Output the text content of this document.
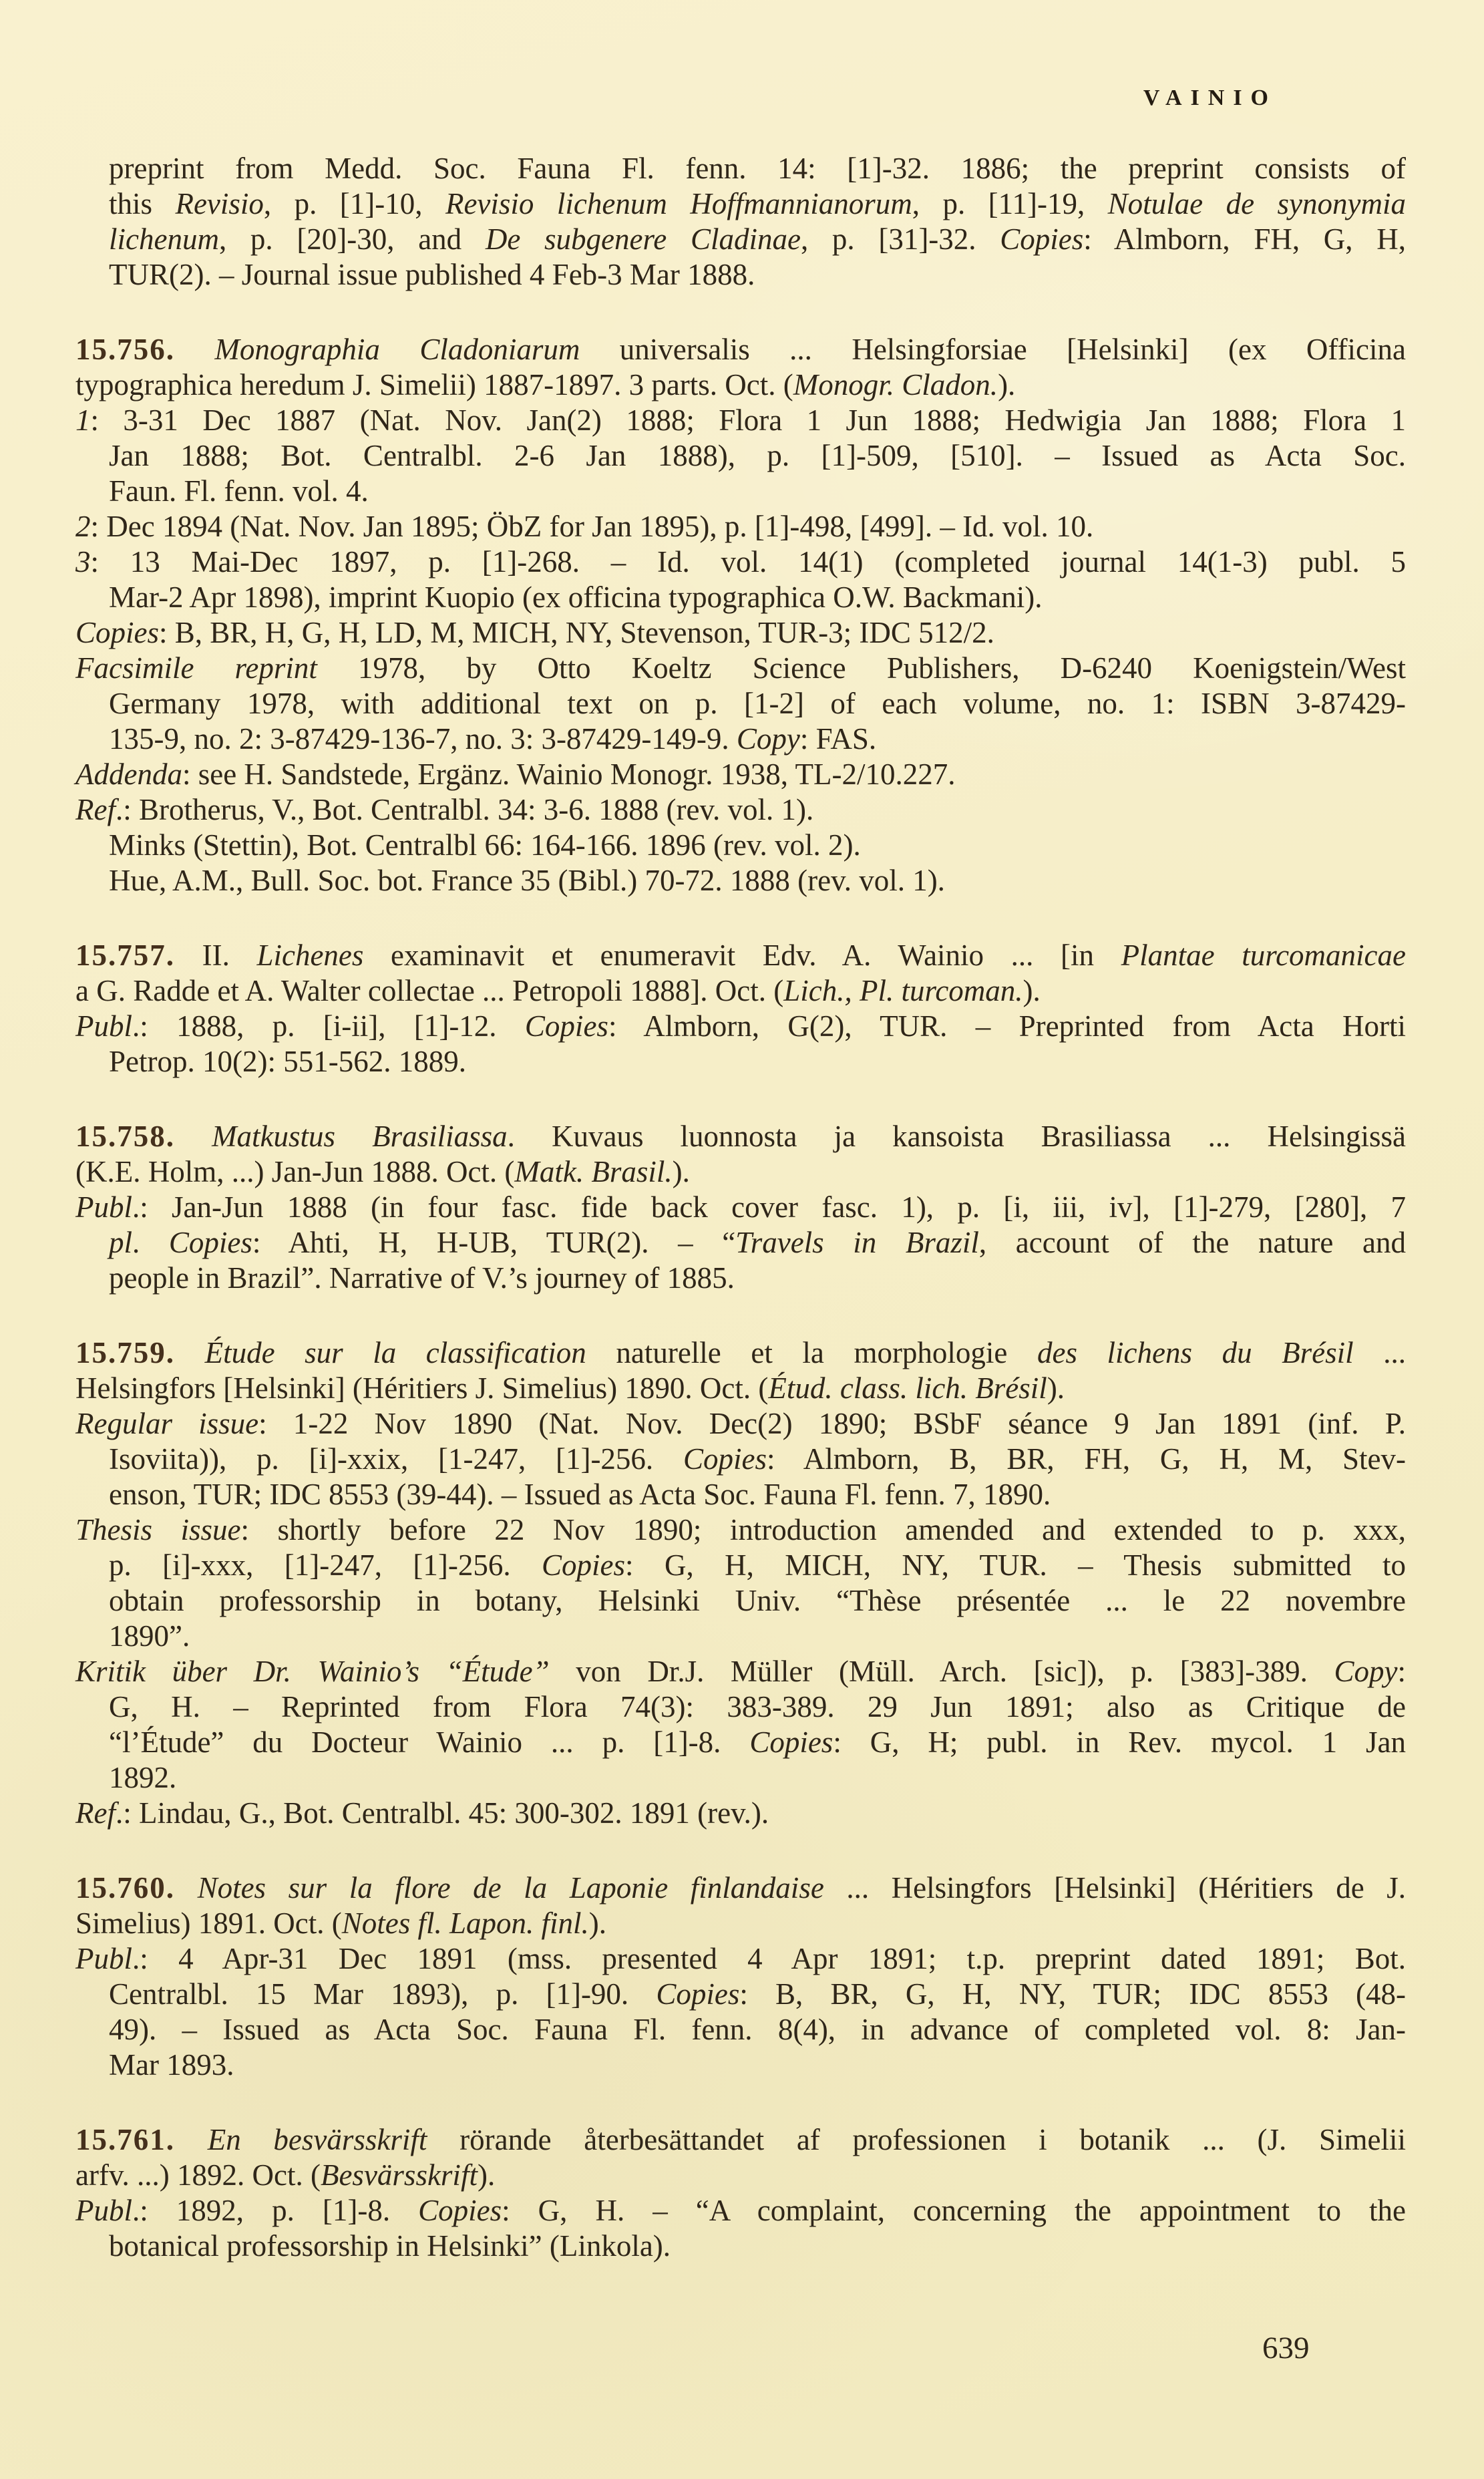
VAINIO
preprint from Medd. Soc. Fauna Fl. fenn. 14: [1]-32. 1886; the preprint consists of
this Revisio, p. [1]-10, Revisio lichenum Hoffmannianorum, p. [11]-19, Notulae de synonymia
lichenum, p. [20]-30, and De subgenere Cladinae, p. [31]-32. Copies: Almborn, FH, G, H,
TUR(2). – Journal issue published 4 Feb-3 Mar 1888.
15.756. Monographia Cladoniarum universalis ... Helsingforsiae [Helsinki] (ex Officina
typographica heredum J. Simelii) 1887-1897. 3 parts. Oct. (Monogr. Cladon.).
1: 3-31 Dec 1887 (Nat. Nov. Jan(2) 1888; Flora 1 Jun 1888; Hedwigia Jan 1888; Flora 1
Jan 1888; Bot. Centralbl. 2-6 Jan 1888), p. [1]-509, [510]. – Issued as Acta Soc.
Faun. Fl. fenn. vol. 4.
2: Dec 1894 (Nat. Nov. Jan 1895; ÖbZ for Jan 1895), p. [1]-498, [499]. – Id. vol. 10.
3: 13 Mai-Dec 1897, p. [1]-268. – Id. vol. 14(1) (completed journal 14(1-3) publ. 5
Mar-2 Apr 1898), imprint Kuopio (ex officina typographica O.W. Backmani).
Copies: B, BR, H, G, H, LD, M, MICH, NY, Stevenson, TUR-3; IDC 512/2.
Facsimile reprint 1978, by Otto Koeltz Science Publishers, D-6240 Koenigstein/West
Germany 1978, with additional text on p. [1-2] of each volume, no. 1: ISBN 3-87429-
135-9, no. 2: 3-87429-136-7, no. 3: 3-87429-149-9. Copy: FAS.
Addenda: see H. Sandstede, Ergänz. Wainio Monogr. 1938, TL-2/10.227.
Ref.: Brotherus, V., Bot. Centralbl. 34: 3-6. 1888 (rev. vol. 1).
Minks (Stettin), Bot. Centralbl 66: 164-166. 1896 (rev. vol. 2).
Hue, A.M., Bull. Soc. bot. France 35 (Bibl.) 70-72. 1888 (rev. vol. 1).
15.757. II. Lichenes examinavit et enumeravit Edv. A. Wainio ... [in Plantae turcomanicae
a G. Radde et A. Walter collectae ... Petropoli 1888]. Oct. (Lich., Pl. turcoman.).
Publ.: 1888, p. [i-ii], [1]-12. Copies: Almborn, G(2), TUR. – Preprinted from Acta Horti
Petrop. 10(2): 551-562. 1889.
15.758. Matkustus Brasiliassa. Kuvaus luonnosta ja kansoista Brasiliassa ... Helsingissä
(K.E. Holm, ...) Jan-Jun 1888. Oct. (Matk. Brasil.).
Publ.: Jan-Jun 1888 (in four fasc. fide back cover fasc. 1), p. [i, iii, iv], [1]-279, [280], 7
pl. Copies: Ahti, H, H-UB, TUR(2). – “Travels in Brazil, account of the nature and
people in Brazil”. Narrative of V.’s journey of 1885.
15.759. Étude sur la classification naturelle et la morphologie des lichens du Brésil ...
Helsingfors [Helsinki] (Héritiers J. Simelius) 1890. Oct. (Étud. class. lich. Brésil).
Regular issue: 1-22 Nov 1890 (Nat. Nov. Dec(2) 1890; BSbF séance 9 Jan 1891 (inf. P.
Isoviita)), p. [i]-xxix, [1-247, [1]-256. Copies: Almborn, B, BR, FH, G, H, M, Stev-
enson, TUR; IDC 8553 (39-44). – Issued as Acta Soc. Fauna Fl. fenn. 7, 1890.
Thesis issue: shortly before 22 Nov 1890; introduction amended and extended to p. xxx,
p. [i]-xxx, [1]-247, [1]-256. Copies: G, H, MICH, NY, TUR. – Thesis submitted to
obtain professorship in botany, Helsinki Univ. “Thèse présentée ... le 22 novembre
1890”.
Kritik über Dr. Wainio’s “Étude” von Dr.J. Müller (Müll. Arch. [sic]), p. [383]-389. Copy:
G, H. – Reprinted from Flora 74(3): 383-389. 29 Jun 1891; also as Critique de
“l’Étude” du Docteur Wainio ... p. [1]-8. Copies: G, H; publ. in Rev. mycol. 1 Jan
1892.
Ref.: Lindau, G., Bot. Centralbl. 45: 300-302. 1891 (rev.).
15.760. Notes sur la flore de la Laponie finlandaise ... Helsingfors [Helsinki] (Héritiers de J.
Simelius) 1891. Oct. (Notes fl. Lapon. finl.).
Publ.: 4 Apr-31 Dec 1891 (mss. presented 4 Apr 1891; t.p. preprint dated 1891; Bot.
Centralbl. 15 Mar 1893), p. [1]-90. Copies: B, BR, G, H, NY, TUR; IDC 8553 (48-
49). – Issued as Acta Soc. Fauna Fl. fenn. 8(4), in advance of completed vol. 8: Jan-
Mar 1893.
15.761. En besvärsskrift rörande återbesättandet af professionen i botanik ... (J. Simelii
arfv. ...) 1892. Oct. (Besvärsskrift).
Publ.: 1892, p. [1]-8. Copies: G, H. – “A complaint, concerning the appointment to the
botanical professorship in Helsinki” (Linkola).
639
